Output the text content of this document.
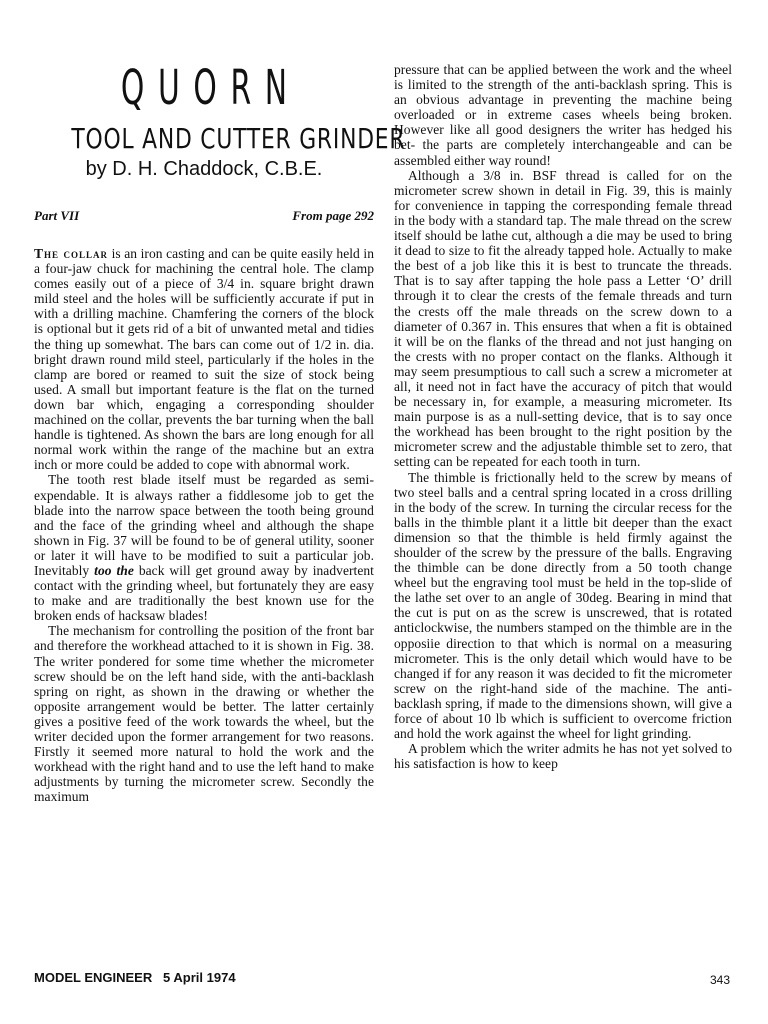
QUORN
TOOL AND CUTTER GRINDER
by D. H. Chaddock, C.B.E.
Part VII	From page 292

The collar is an iron casting and can be quite easily held in a four-jaw chuck for machining the central hole. The clamp comes easily out of a piece of 3/4 in. square bright drawn mild steel and the holes will be sufficiently accurate if put in with a drilling machine. Chamfering the corners of the block is optional but it gets rid of a bit of unwanted metal and tidies the thing up somewhat. The bars can come out of 1/2 in. dia. bright drawn round mild steel, particularly if the holes in the clamp are bored or reamed to suit the size of stock being used. A small but important feature is the flat on the turned down bar which, engaging a corresponding shoulder machined on the collar, prevents the bar turning when the ball handle is tightened. As shown the bars are long enough for all normal work within the range of the machine but an extra inch or more could be added to cope with abnormal work.

The tooth rest blade itself must be regarded as semi-expendable. It is always rather a fiddlesome job to get the blade into the narrow space between the tooth being ground and the face of the grinding wheel and although the shape shown in Fig. 37 will be found to be of general utility, sooner or later it will have to be modified to suit a particular job. Inevitably too the back will get ground away by inadvertent contact with the grinding wheel, but fortunately they are easy to make and are traditionally the best known use for the broken ends of hacksaw blades!

The mechanism for controlling the position of the front bar and therefore the workhead attached to it is shown in Fig. 38. The writer pondered for some time whether the micrometer screw should be on the left hand side, with the anti-backlash spring on right, as shown in the drawing or whether the opposite arrangement would be better. The latter certainly gives a positive feed of the work towards the wheel, but the writer decided upon the former arrangement for two reasons. Firstly it seemed more natural to hold the work and the workhead with the right hand and to use the left hand to make adjustments by turning the micrometer screw. Secondly the maximum

pressure that can be applied between the work and the wheel is limited to the strength of the anti-backlash spring. This is an obvious advantage in preventing the machine being overloaded or in extreme cases wheels being broken. However like all good designers the writer has hedged his bet- the parts are completely interchangeable and can be assembled either way round!

Although a 3/8 in. BSF thread is called for on the micrometer screw shown in detail in Fig. 39, this is mainly for convenience in tapping the corresponding female thread in the body with a standard tap. The male thread on the screw itself should be lathe cut, although a die may be used to bring it dead to size to fit the already tapped hole. Actually to make the best of a job like this it is best to truncate the threads. That is to say after tapping the hole pass a Letter ‘O’ drill through it to clear the crests of the female threads and turn the crests off the male threads on the screw down to a diameter of 0.367 in. This ensures that when a fit is obtained it will be on the flanks of the thread and not just hanging on the crests with no proper contact on the flanks. Although it may seem presumptious to call such a screw a micrometer at all, it need not in fact have the accuracy of pitch that would be necessary in, for example, a measuring micrometer. Its main purpose is as a null-setting device, that is to say once the workhead has been brought to the right position by the micrometer screw and the adjustable thimble set to zero, that setting can be repeated for each tooth in turn.

The thimble is frictionally held to the screw by means of two steel balls and a central spring located in a cross drilling in the body of the screw. In turning the circular recess for the balls in the thimble plant it a little bit deeper than the exact dimension so that the thimble is held firmly against the shoulder of the screw by the pressure of the balls. Engraving the thimble can be done directly from a 50 tooth change wheel but the engraving tool must be held in the top-slide of the lathe set over to an angle of 30deg. Bearing in mind that the cut is put on as the screw is unscrewed, that is rotated anticlockwise, the numbers stamped on the thimble are in the opposiie direction to that which is normal on a measuring micrometer. This is the only detail which would have to be changed if for any reason it was decided to fit the micrometer screw on the right-hand side of the machine. The anti-backlash spring, if made to the dimensions shown, will give a force of about 10 lb which is sufficient to overcome friction and hold the work against the wheel for light grinding.

A problem which the writer admits he has not yet solved to his satisfaction is how to keep

MODEL ENGINEER   5 April 1974	343
